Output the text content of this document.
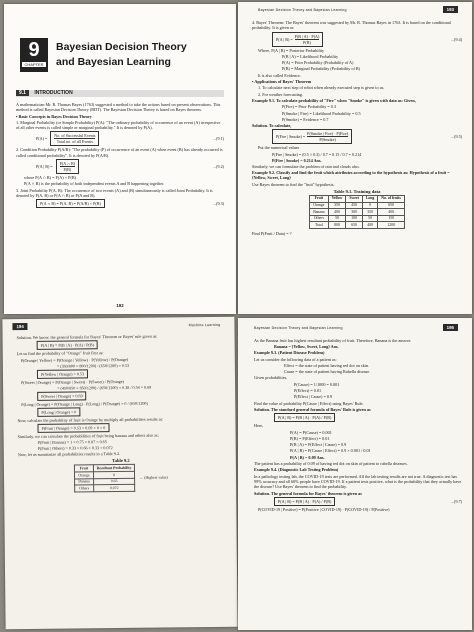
9
CHAPTER
Bayesian Decision Theory
and Bayesian Learning
9.1 INTRODUCTION

A mathematician Mr. R. Thomas Bayes (1763) suggested a method to take the actions based on present observations. This method is called Bayesian Decision Theory (BDT). The Bayesian Decision Theory is based on Bayes theorem.

▪ Basic Concepts in Bayes Decision Theory

1. Marginal Probability (or Simple Probability) P(A): "The ordinary probability of occurrence of an event (A) irrespective of all other events is called simple or marginal probability." It is denoted by P(A).

P(A) =
No. of Successful Events
Total no. of all Events
...(9.1)

2. Condition Probability P(A/B): "The probability (P) of occurrence of an event (A) when event (B) has already occurred is called conditional probability". It is denoted by P(A/B).

P(A | $B) = \frac{P(A \cap B)}{P(B)}$	...(9.2)

where P(A ∩ B) = P(A) × P(B)

P(A ∩ B) is the probability of both independent events A and B happening together.

3. Joint Probability P(A, B): The occurrence of two events (A) and (B) simultaneously is called Joint Probability. It is denoted by P(A, B) or P(A ∩ B) or P(A and B).

P(A ∩ B) = P(A, B) = P(A/B) × P(B)	...(9.3)
192
Bayesian Decision Theory and Bayesian Learning	193

4. Bayes' Theorem: The Bayes' theorem was suggested by Mr. R. Thomas Bayes in 1763. It is based on the conditional probability. It is given as

P(A | $B) = \frac{P(B | A) \cdot P(A)}{P(B)}$	...(9.4)

Where, P(A | B) = Posterior Probability

P(B | A) = Likelihood Probability

P(A) = Prior Probability (Probability of A)

P(B) = Marginal Probability (Probability of B)

It is also called Evidence.

▪ Applications of Bayes' Theorem

1. To calculate next step of robot when already executed step is given to us.

2. For weather forecasting.

Example 9.1. To calculate probability of "Fire" when "Smoke" is given with data as: Given,

P(Fire) = Prior Probability = 0.3

P(Smoke | Fire) = Likelihood Probability = 0.5

P(Smoke) = Evidence = 0.7

Solution. To calculate,

P(Fire | Smoke) =
P(Smoke | Fire) · P(Fire)
P(Smoke)
...(9.5)

Put the numerical values

P(Fire | Smoke) = (0.5 × 0.3) / 0.7 = 0.15 / 0.7 = 0.214

P(Fire | Smoke) = 0.214 Ans.

Similarly, we can formulate the problem of rain and clouds also.

Example 9.2. Classify and find the fruit which attributes according to the hypothesis as: Hypothesis of a fruit = {Yellow, Sweet, Long}

Use Bayes theorem to find the "fruit" hypothesis.

Table 9.1. Training data
Fruit	Yellow	Sweet	Long	No. of fruits
Orange	350	450	0	650
Banana	400	300	350	400
Others	50	100	50	150
Total	800	650	400	1200

Find P(Fruit / Data) = ?

194	Machine Learning

Solution. We know, the general formula for Bayes' Theorem or Bayes' rule given as:

P(A | B) = P(B | A) · P(A) / P(B)

Let us find the probability of "Orange" fruit first as:

P(Orange | Yellow) = P(Orange | Yellow) · P(Yellow) / P(Orange)

= (350/800 × 800/1200) / (650/1200) = 0.53

P(Yellow | Orange) = 0.53

P(Sweet | Orange) = P(Orange | Sweet) · P(Sweet) / P(Orange)

= (450/850 × 850/1200) / (650/1200) = 0.38 / 0.54 = 0.69

P(Sweet | Orange) = 0.69

P(Long | Orange) = P(Orange | Long) · P(Long) / P(Orange) = 0 / (650/1200)

P(Long | Orange) = 0

Now, calculate the probability of fruit is Orange by multiply all probabilities results as:

P(Fruit | Orange) = 0.53 × 0.69 × 0 = 0

Similarly, we can calculate the probabilities of fruit being banana and others also as:

P(Fruit | Banana) = 1 × 0.75 × 0.87 = 0.65

P(Fruit | Others) = 0.33 × 0.66 × 0.33 = 0.072

Now, let us summarize all probabilities results in a Table 9.2.

Table 9.2
Fruit	Resultant Probability
Orange	0
Banana	0.65
Others	0.072
← (Highest value)
Bayesian Decision Theory and Bayesian Learning	195

As the Banana fruit has highest resultant probability of fruit. Therefore, Banana is the answer.

Banana = {Yellow, Sweet, Long} Ans.

Example 9.3. (Patient Disease Problem)

Let us consider the following data of a patient as:

Effect = the state of patient having red dot on skin.

Cause = the state of patient having Rubella disease.

Given probabilities,

P(Cause) = 1/1000 = 0.001

P(Effect) = 0.01

P(Effect | Cause) = 0.9

Find the value of probability P(Cause | Effect) using Bayes' Rule.

Solution. The standard general formula of Bayes' Rule is given as

P(A | B) = P(B | A) · P(A) / P(B)

Here,

P(A) = P(Cause) = 0.001

P(B) = P(Effect) = 0.01

P(B | A) = P(Effect | Cause) = 0.9

P(A | B) = P(Cause | Effect) = 0.9 × 0.001 / 0.01

P(A | B) = 0.09 Ans.

The patient has a probability of 0.09 of having red dot on skin of patient to rubella diseases.

Example 9.4. (Diagnostic Lab Testing Problem)

In a pathology testing lab, the COVID-19 tests are performed. All the lab testing results are not true. A diagnostic test has 99% accuracy and all 60% people have COVID-19. If a patient tests positive, what is the probability that they actually have the disease? Use Bayes' theorem to find the probability.

Solution. The general formula for Bayes' theorem is given as

P(A | B) = P(B | A) · P(A) / P(B)	...(9.7)

P(COVID-19 | Positive) = P(Positive | COVID-19) · P(COVID-19) / P(Positive)
